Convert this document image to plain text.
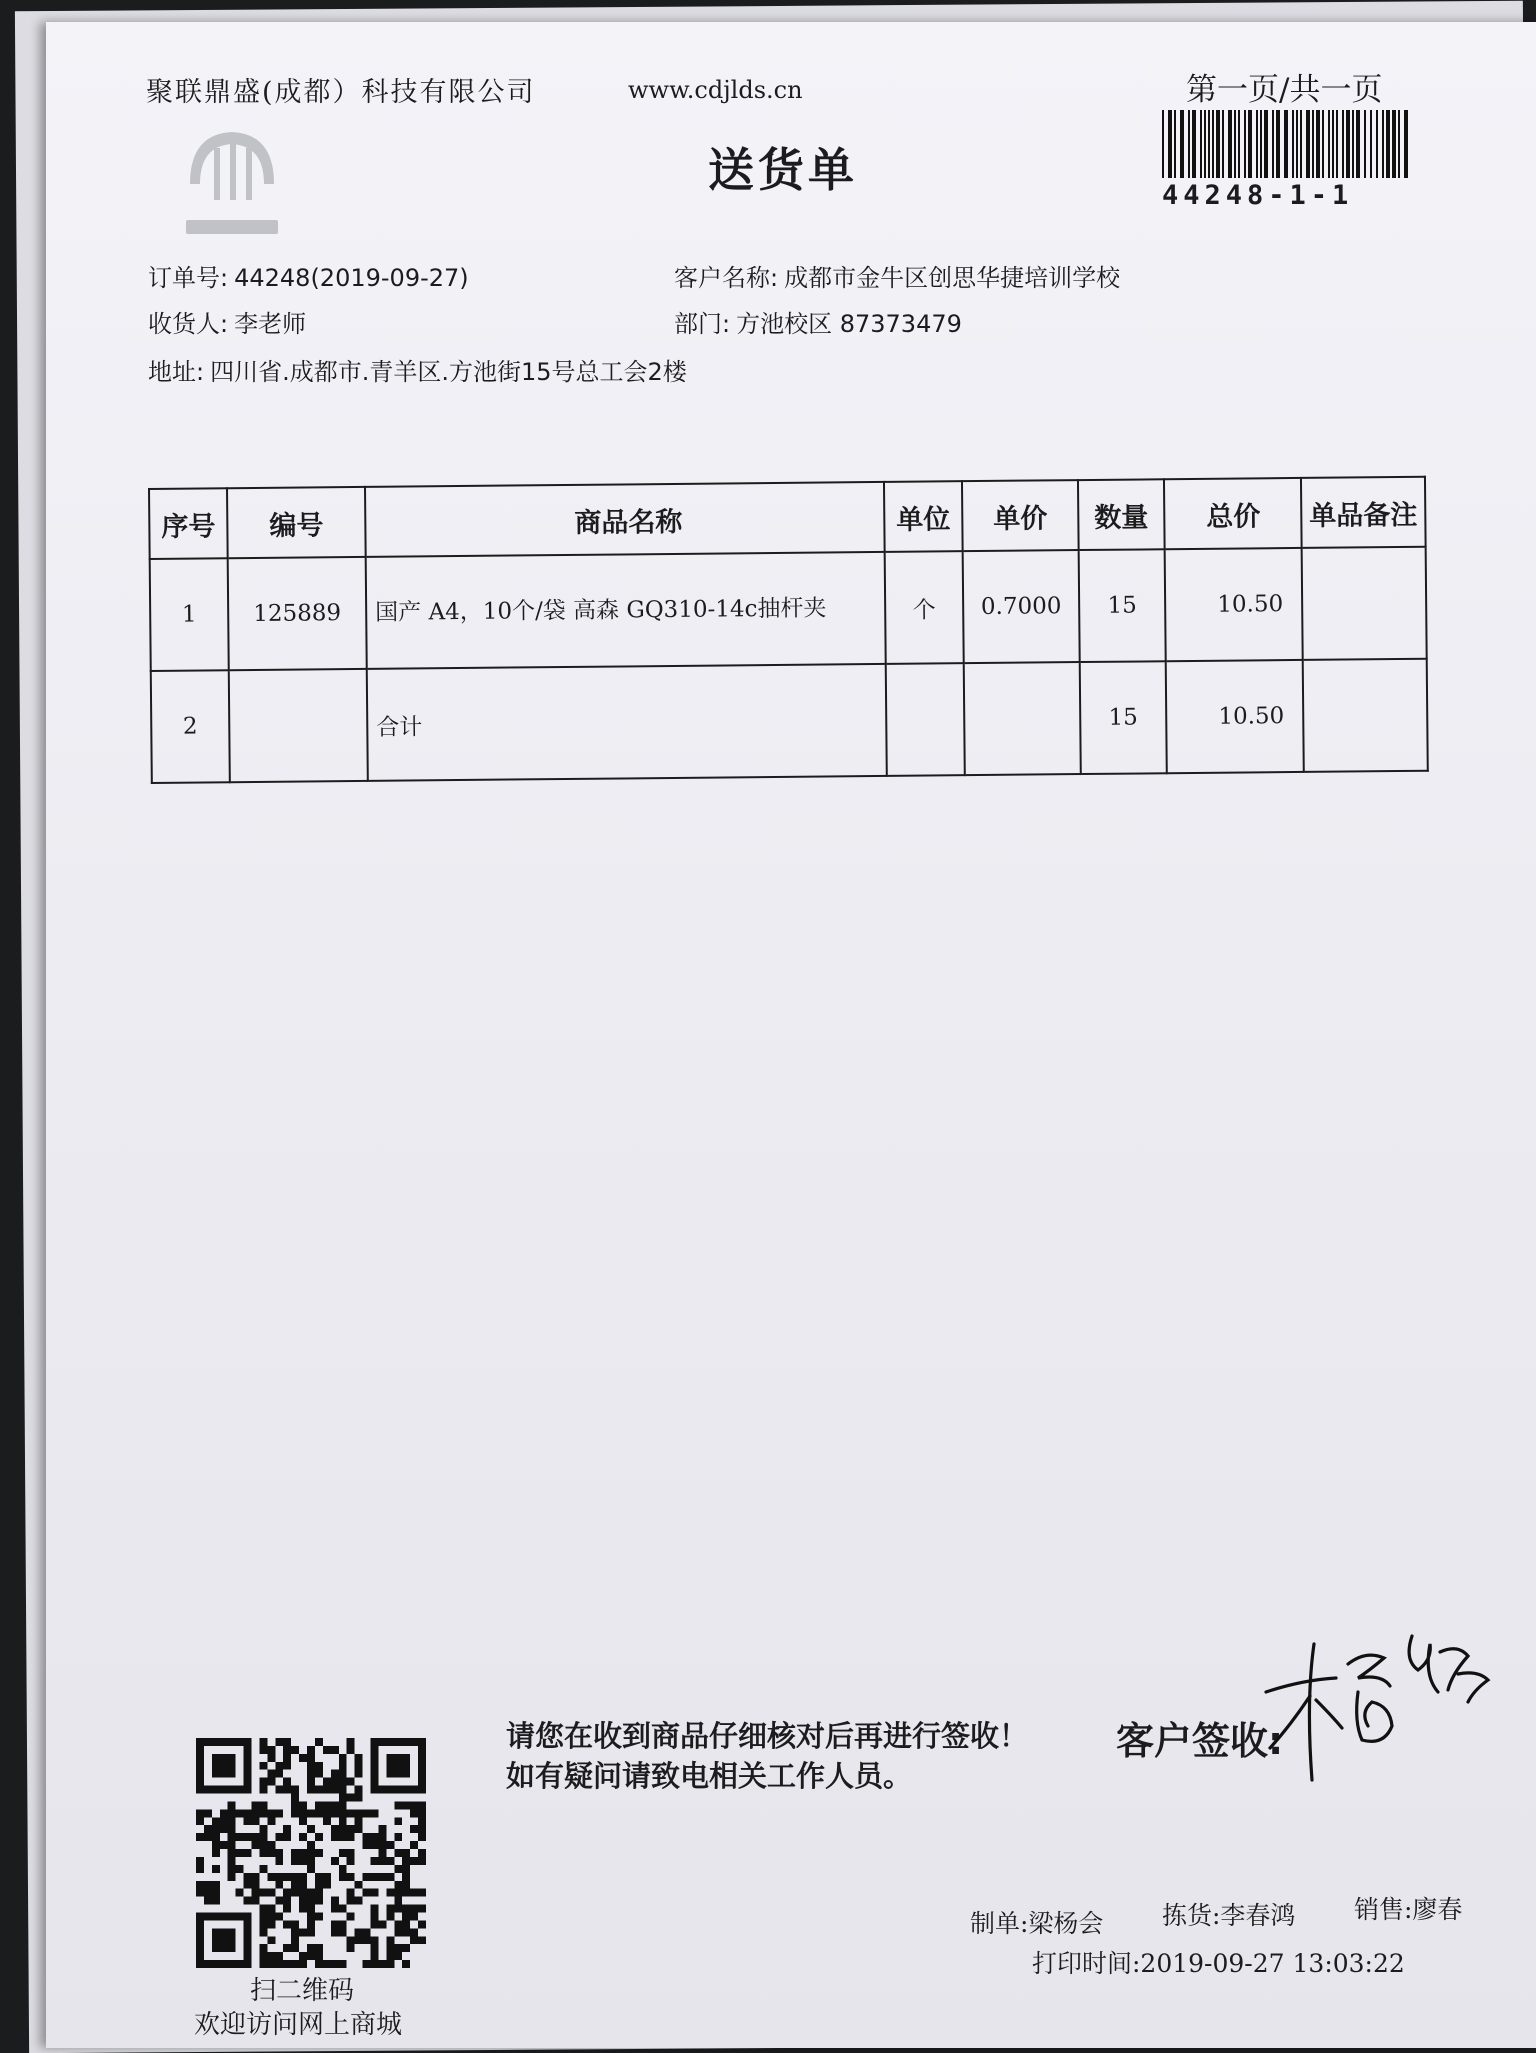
聚联鼎盛(成都）科技有限公司	www.cdjlds.cn	第一页/共一页
44248-1-1
送货单
订单号: 44248(2019-09-27)	客户名称: 成都市金牛区创思华捷培训学校
收货人: 李老师	部门: 方池校区 87373479
地址: 四川省.成都市.青羊区.方池街15号总工会2楼
序号	编号	商品名称	单位	单价	数量	总价	单品备注
1	125889	国产 A4，10个/袋 高森 GQ310-14c抽杆夹	个	0.7000	15	10.50	
2		合计			15	10.50	
扫二维码
欢迎访问网上商城
请您在收到商品仔细核对后再进行签收！如有疑问请致电相关工作人员。
客户签收:
制单:梁杨会 拣货:李春鸿 销售:廖春
打印时间:2019-09-27 13:03:22
